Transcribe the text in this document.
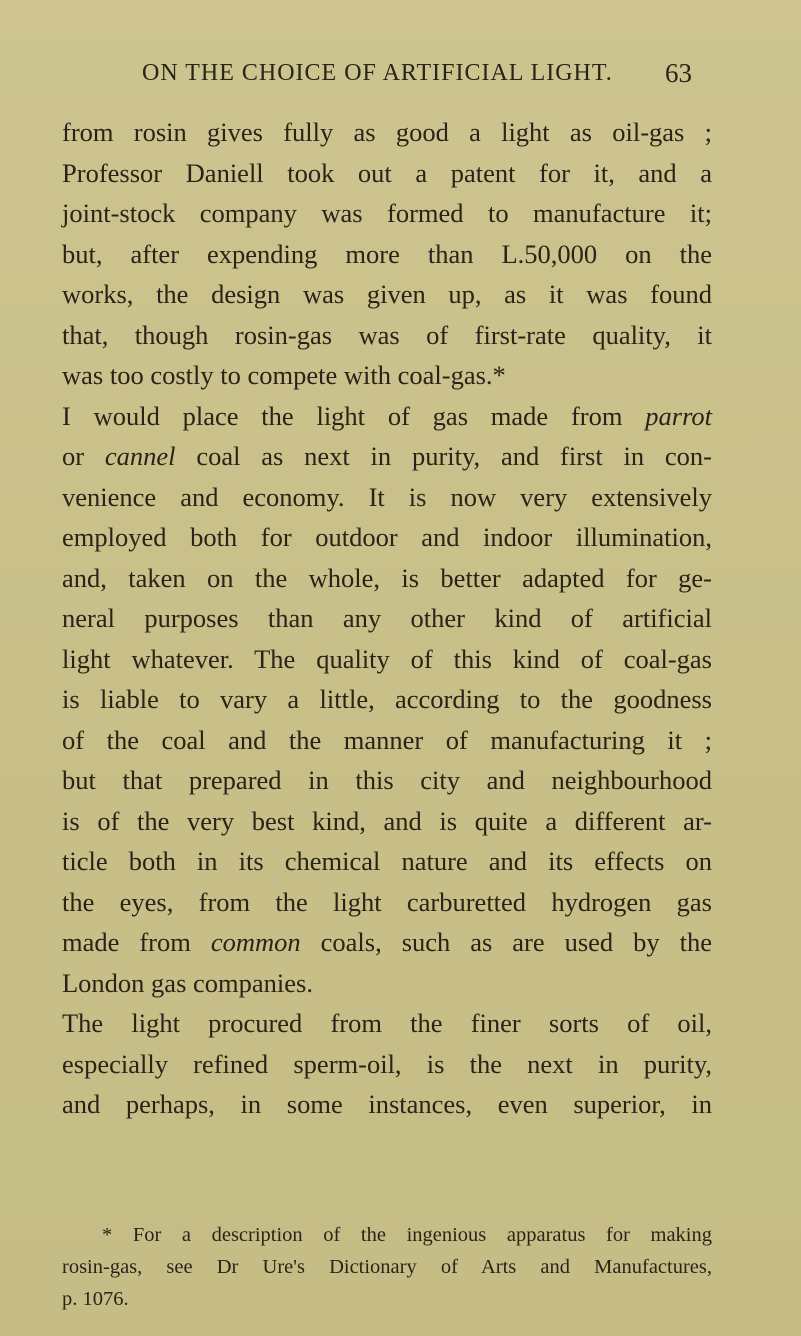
ON THE CHOICE OF ARTIFICIAL LIGHT. 63
from rosin gives fully as good a light as oil-gas ;
Professor Daniell took out a patent for it, and a
joint-stock company was formed to manufacture it;
but, after expending more than L.50,000 on the
works, the design was given up, as it was found
that, though rosin-gas was of first-rate quality, it
was too costly to compete with coal-gas.*
I would place the light of gas made from parrot
or cannel coal as next in purity, and first in con-
venience and economy. It is now very extensively
employed both for outdoor and indoor illumination,
and, taken on the whole, is better adapted for ge-
neral purposes than any other kind of artificial
light whatever. The quality of this kind of coal-gas
is liable to vary a little, according to the goodness
of the coal and the manner of manufacturing it ;
but that prepared in this city and neighbourhood
is of the very best kind, and is quite a different ar-
ticle both in its chemical nature and its effects on
the eyes, from the light carburetted hydrogen gas
made from common coals, such as are used by the
London gas companies.
The light procured from the finer sorts of oil,
especially refined sperm-oil, is the next in purity,
and perhaps, in some instances, even superior, in
* For a description of the ingenious apparatus for making
rosin-gas, see Dr Ure's Dictionary of Arts and Manufactures,
p. 1076.
